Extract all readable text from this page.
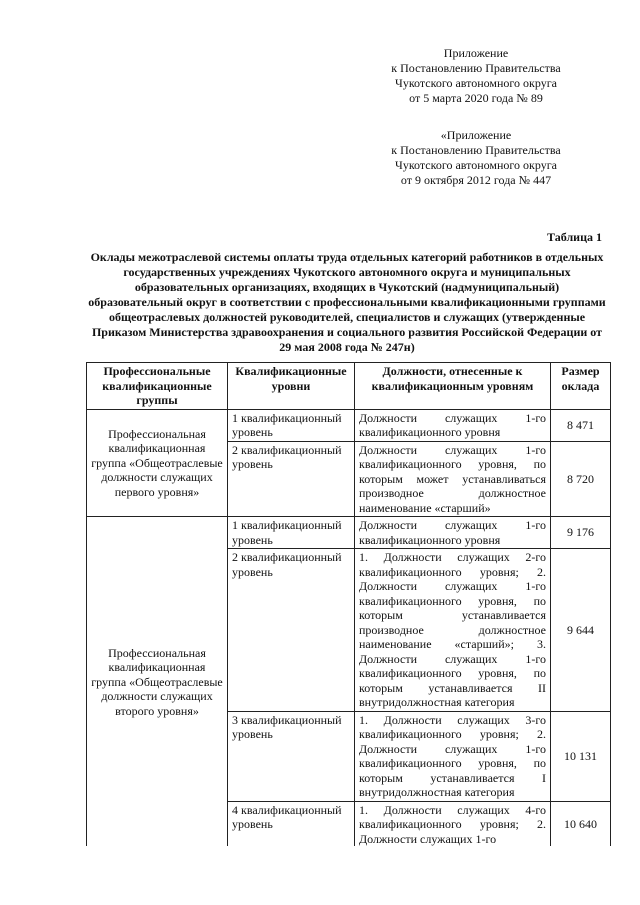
Приложение
к Постановлению Правительства
Чукотского автономного округа
от 5 марта 2020 года № 89
«Приложение
к Постановлению Правительства
Чукотского автономного округа
от 9 октября 2012 года № 447
Таблица 1
Оклады межотраслевой системы оплаты труда отдельных категорий работников в отдельных государственных учреждениях Чукотского автономного округа и муниципальных образовательных организациях, входящих в Чукотский (надмуниципальный) образовательный округ в соответствии с профессиональными квалификационными группами общеотраслевых должностей руководителей, специалистов и служащих (утвержденные Приказом Министерства здравоохранения и социального развития Российской Федерации от 29 мая 2008 года № 247н)
Профессиональные квалификационные группы	Квалификационные уровни	Должности, отнесенные к квалификационным уровням	Размер оклада
Профессиональная квалификационная группа «Общеотраслевые должности служащих первого уровня»	1 квалификационный уровень	Должности служащих 1-го квалификационного уровня	8 471
	2 квалификационный уровень	Должности служащих 1-го квалификационного уровня, по которым может устанавливаться производное должностное наименование «старший»	8 720
Профессиональная квалификационная группа «Общеотраслевые должности служащих второго уровня»	1 квалификационный уровень	Должности служащих 1-го квалификационного уровня	9 176
	2 квалификационный уровень	1. Должности служащих 2-го квалификационного уровня; 2. Должности служащих 1-го квалификационного уровня, по которым устанавливается производное должностное наименование «старший»; 3. Должности служащих 1-го квалификационного уровня, по которым устанавливается II внутридолжностная категория	9 644
	3 квалификационный уровень	1. Должности служащих 3-го квалификационного уровня; 2. Должности служащих 1-го квалификационного уровня, по которым устанавливается I внутридолжностная категория	10 131
	4 квалификационный уровень	1. Должности служащих 4-го квалификационного уровня; 2. Должности служащих 1-го	10 640
